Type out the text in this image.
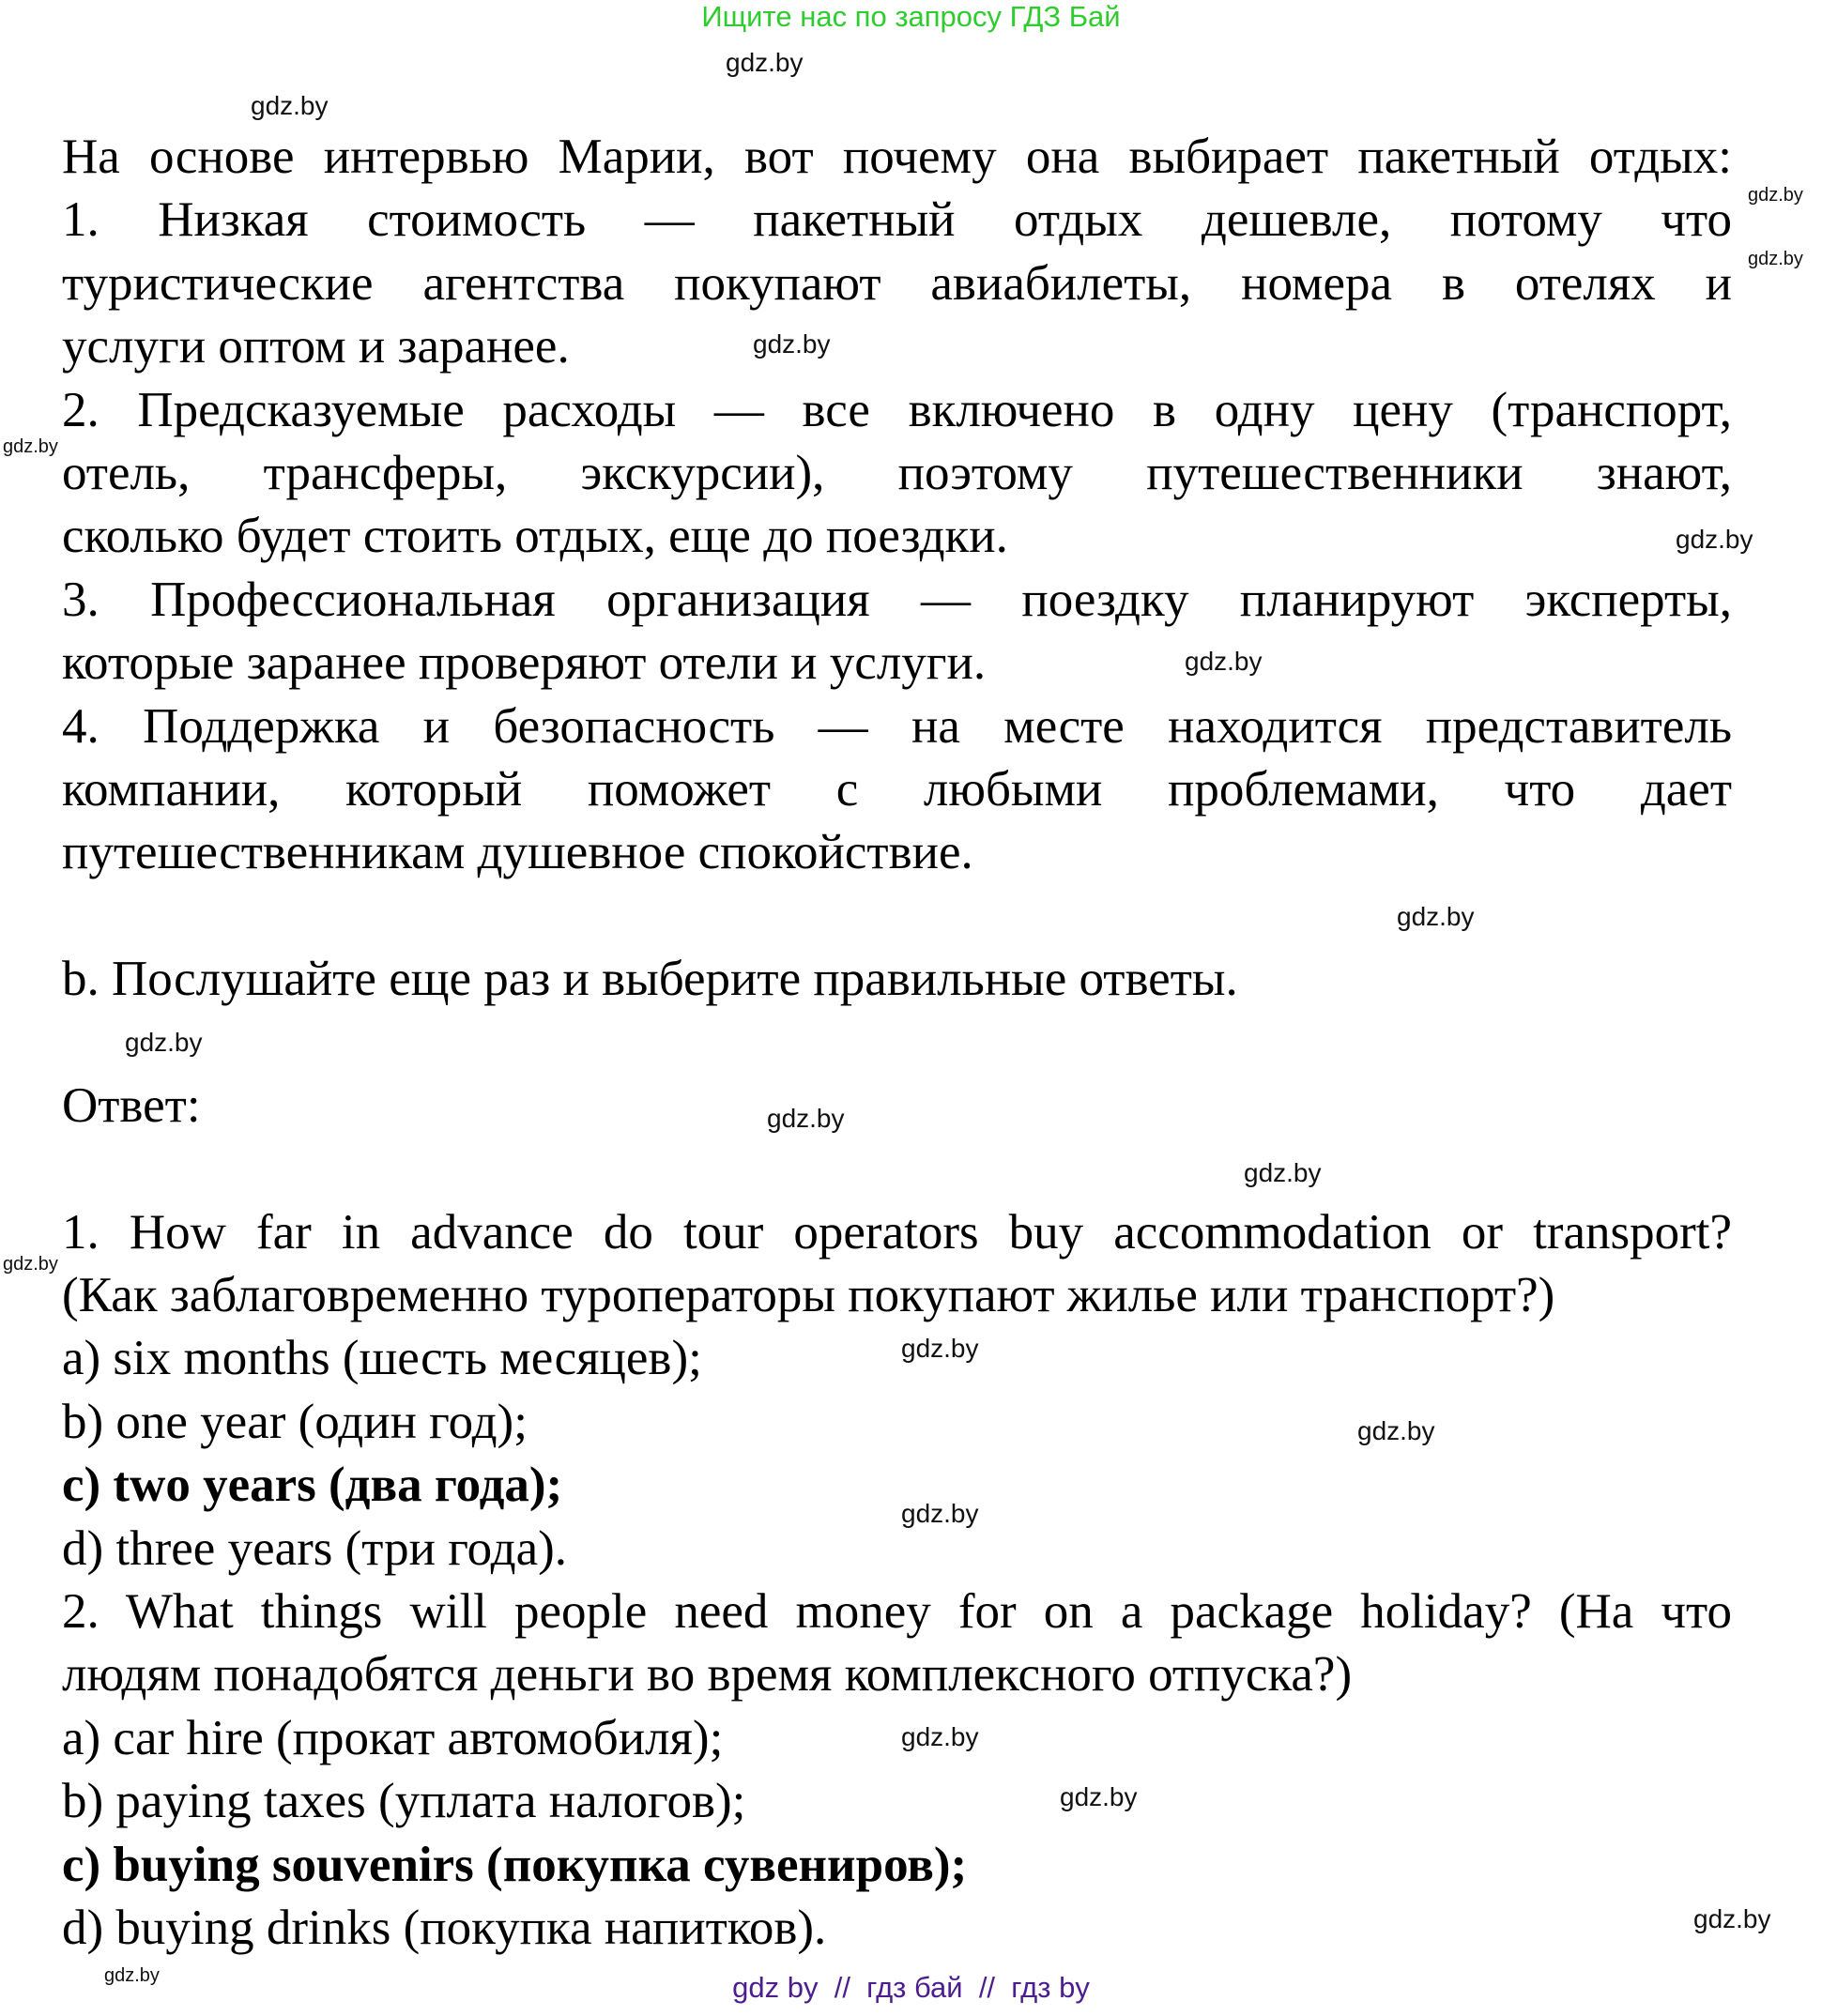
Ищите нас по запросу ГДЗ Бай
На основе интервью Марии, вот почему она выбирает пакетный отдых:
1. Низкая стоимость — пакетный отдых дешевле, потому что
туристические агентства покупают авиабилеты, номера в отелях и
услуги оптом и заранее.
2. Предсказуемые расходы — все включено в одну цену (транспорт,
отель, трансферы, экскурсии), поэтому путешественники знают,
сколько будет стоить отдых, еще до поездки.
3. Профессиональная организация — поездку планируют эксперты,
которые заранее проверяют отели и услуги.
4. Поддержка и безопасность — на месте находится представитель
компании, который поможет с любыми проблемами, что дает
путешественникам душевное спокойствие.
b. Послушайте еще раз и выберите правильные ответы.
Ответ:
1. How far in advance do tour operators buy accommodation or transport?
(Как заблаговременно туроператоры покупают жилье или транспорт?)
a) six months (шесть месяцев);
b) one year (один год);
c) two years (два года);
d) three years (три года).
2. What things will people need money for on a package holiday? (На что
людям понадобятся деньги во время комплексного отпуска?)
a) car hire (прокат автомобиля);
b) paying taxes (уплата налогов);
c) buying souvenirs (покупка сувениров);
d) buying drinks (покупка напитков).
gdz.by
gdz.by
gdz.by
gdz.by
gdz.by
gdz.by
gdz.by
gdz.by
gdz.by
gdz.by
gdz.by
gdz.by
gdz.by
gdz.by
gdz.by
gdz.by
gdz.by
gdz.by
gdz.by
gdz.by	gdz by  //  гдз бай  //  гдз by
